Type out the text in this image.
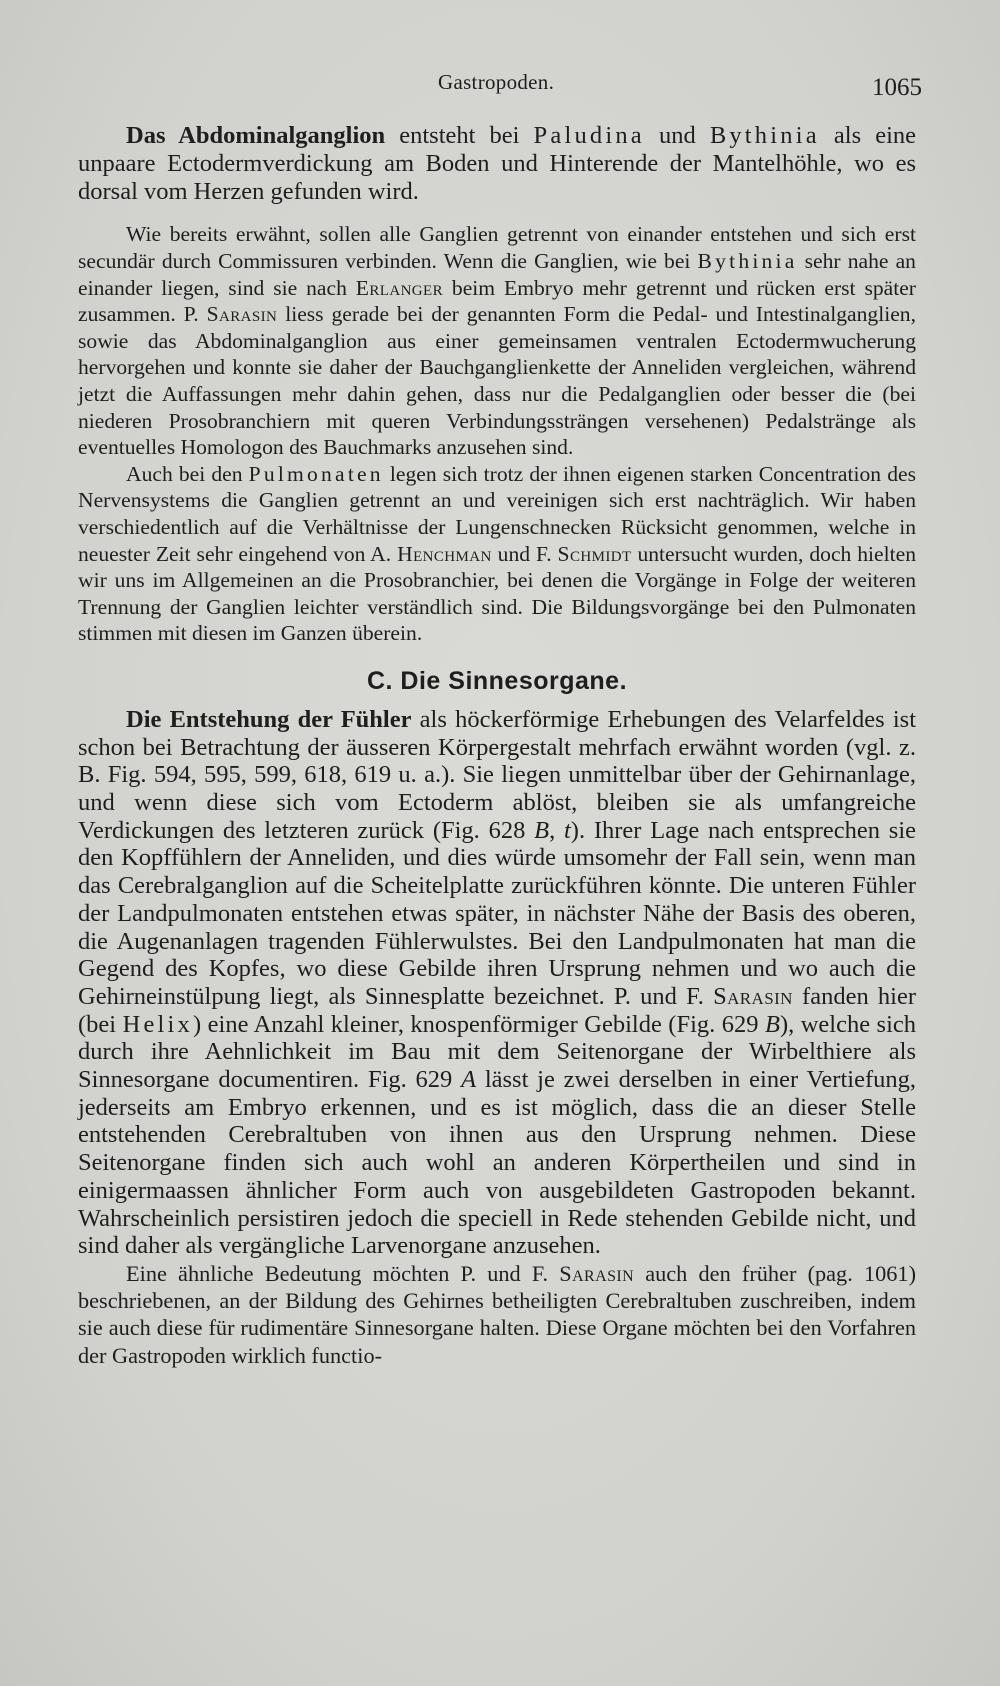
Gastropoden.	1065

Das Abdominalganglion entsteht bei Paludina und Bythinia als eine unpaare Ectodermverdickung am Boden und Hinterende der Mantelhöhle, wo es dorsal vom Herzen gefunden wird.

Wie bereits erwähnt, sollen alle Ganglien getrennt von einander entstehen und sich erst secundär durch Commissuren verbinden. Wenn die Ganglien, wie bei Bythinia sehr nahe an einander liegen, sind sie nach Erlanger beim Embryo mehr getrennt und rücken erst später zusammen. P. Sarasin liess gerade bei der genannten Form die Pedal- und Intestinalganglien, sowie das Abdominalganglion aus einer gemeinsamen ventralen Ectodermwucherung hervorgehen und konnte sie daher der Bauchganglienkette der Anneliden vergleichen, während jetzt die Auffassungen mehr dahin gehen, dass nur die Pedalganglien oder besser die (bei niederen Prosobranchiern mit queren Verbindungssträngen versehenen) Pedalstränge als eventuelles Homologon des Bauchmarks anzusehen sind.

Auch bei den Pulmonaten legen sich trotz der ihnen eigenen starken Concentration des Nervensystems die Ganglien getrennt an und vereinigen sich erst nachträglich. Wir haben verschiedentlich auf die Verhältnisse der Lungenschnecken Rücksicht genommen, welche in neuester Zeit sehr eingehend von A. Henchman und F. Schmidt untersucht wurden, doch hielten wir uns im Allgemeinen an die Prosobranchier, bei denen die Vorgänge in Folge der weiteren Trennung der Ganglien leichter verständlich sind. Die Bildungsvorgänge bei den Pulmonaten stimmen mit diesen im Ganzen überein.

C. Die Sinnesorgane.

Die Entstehung der Fühler als höckerförmige Erhebungen des Velarfeldes ist schon bei Betrachtung der äusseren Körpergestalt mehrfach erwähnt worden (vgl. z. B. Fig. 594, 595, 599, 618, 619 u. a.). Sie liegen unmittelbar über der Gehirnanlage, und wenn diese sich vom Ectoderm ablöst, bleiben sie als umfangreiche Verdickungen des letzteren zurück (Fig. 628 B, t). Ihrer Lage nach entsprechen sie den Kopffühlern der Anneliden, und dies würde umsomehr der Fall sein, wenn man das Cerebralganglion auf die Scheitelplatte zurückführen könnte. Die unteren Fühler der Landpulmonaten entstehen etwas später, in nächster Nähe der Basis des oberen, die Augenanlagen tragenden Fühlerwulstes. Bei den Landpulmonaten hat man die Gegend des Kopfes, wo diese Gebilde ihren Ursprung nehmen und wo auch die Gehirneinstülpung liegt, als Sinnesplatte bezeichnet. P. und F. Sarasin fanden hier (bei Helix) eine Anzahl kleiner, knospenförmiger Gebilde (Fig. 629 B), welche sich durch ihre Aehnlichkeit im Bau mit dem Seitenorgane der Wirbelthiere als Sinnesorgane documentiren. Fig. 629 A lässt je zwei derselben in einer Vertiefung, jederseits am Embryo erkennen, und es ist möglich, dass die an dieser Stelle entstehenden Cerebraltuben von ihnen aus den Ursprung nehmen. Diese Seitenorgane finden sich auch wohl an anderen Körpertheilen und sind in einigermaassen ähnlicher Form auch von ausgebildeten Gastropoden bekannt. Wahrscheinlich persistiren jedoch die speciell in Rede stehenden Gebilde nicht, und sind daher als vergängliche Larvenorgane anzusehen.

Eine ähnliche Bedeutung möchten P. und F. Sarasin auch den früher (pag. 1061) beschriebenen, an der Bildung des Gehirnes betheiligten Cerebraltuben zuschreiben, indem sie auch diese für rudimentäre Sinnesorgane halten. Diese Organe möchten bei den Vorfahren der Gastropoden wirklich functio-
